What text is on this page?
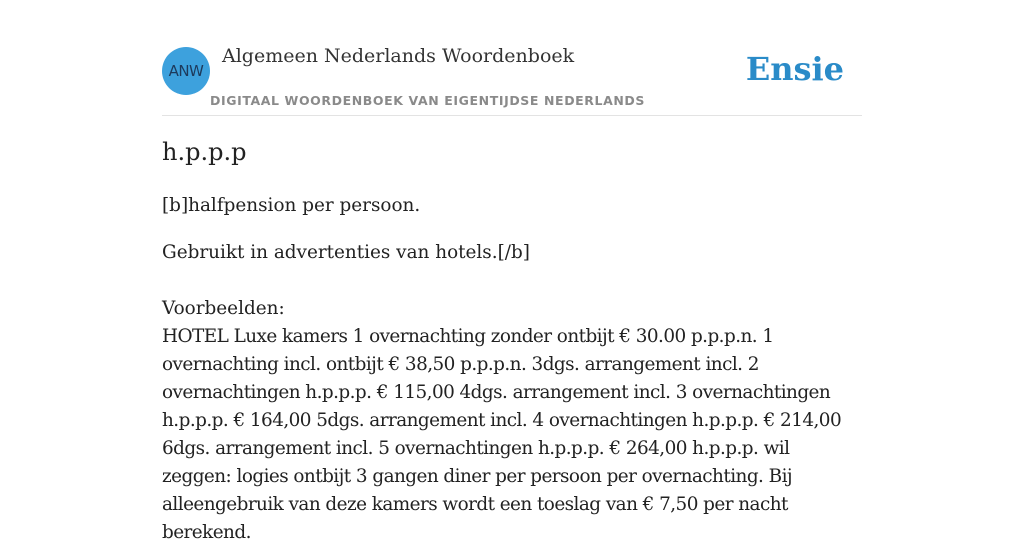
ANW
Algemeen Nederlands Woordenboek
DIGITAAL WOORDENBOEK VAN EIGENTIJDSE NEDERLANDS
Ensie
h.p.p.p

[b]halfpension per persoon.

Gebruikt in advertenties van hotels.[/b]

Voorbeelden:

HOTEL Luxe kamers 1 overnachting zonder ontbijt € 30.00 p.p.p.n. 1 overnachting incl. ontbijt € 38,50 p.p.p.n. 3dgs. arrangement incl. 2 overnachtingen h.p.p.p. € 115,00 4dgs. arrangement incl. 3 overnachtingen h.p.p.p. € 164,00 5dgs. arrangement incl. 4 overnachtingen h.p.p.p. € 214,00 6dgs. arrangement incl. 5 overnachtingen h.p.p.p. € 264,00 h.p.p.p. wil zeggen: logies ontbijt 3 gangen diner per persoon per overnachting. Bij alleengebruik van deze kamers wordt een toeslag van € 7,50 per nacht berekend.
